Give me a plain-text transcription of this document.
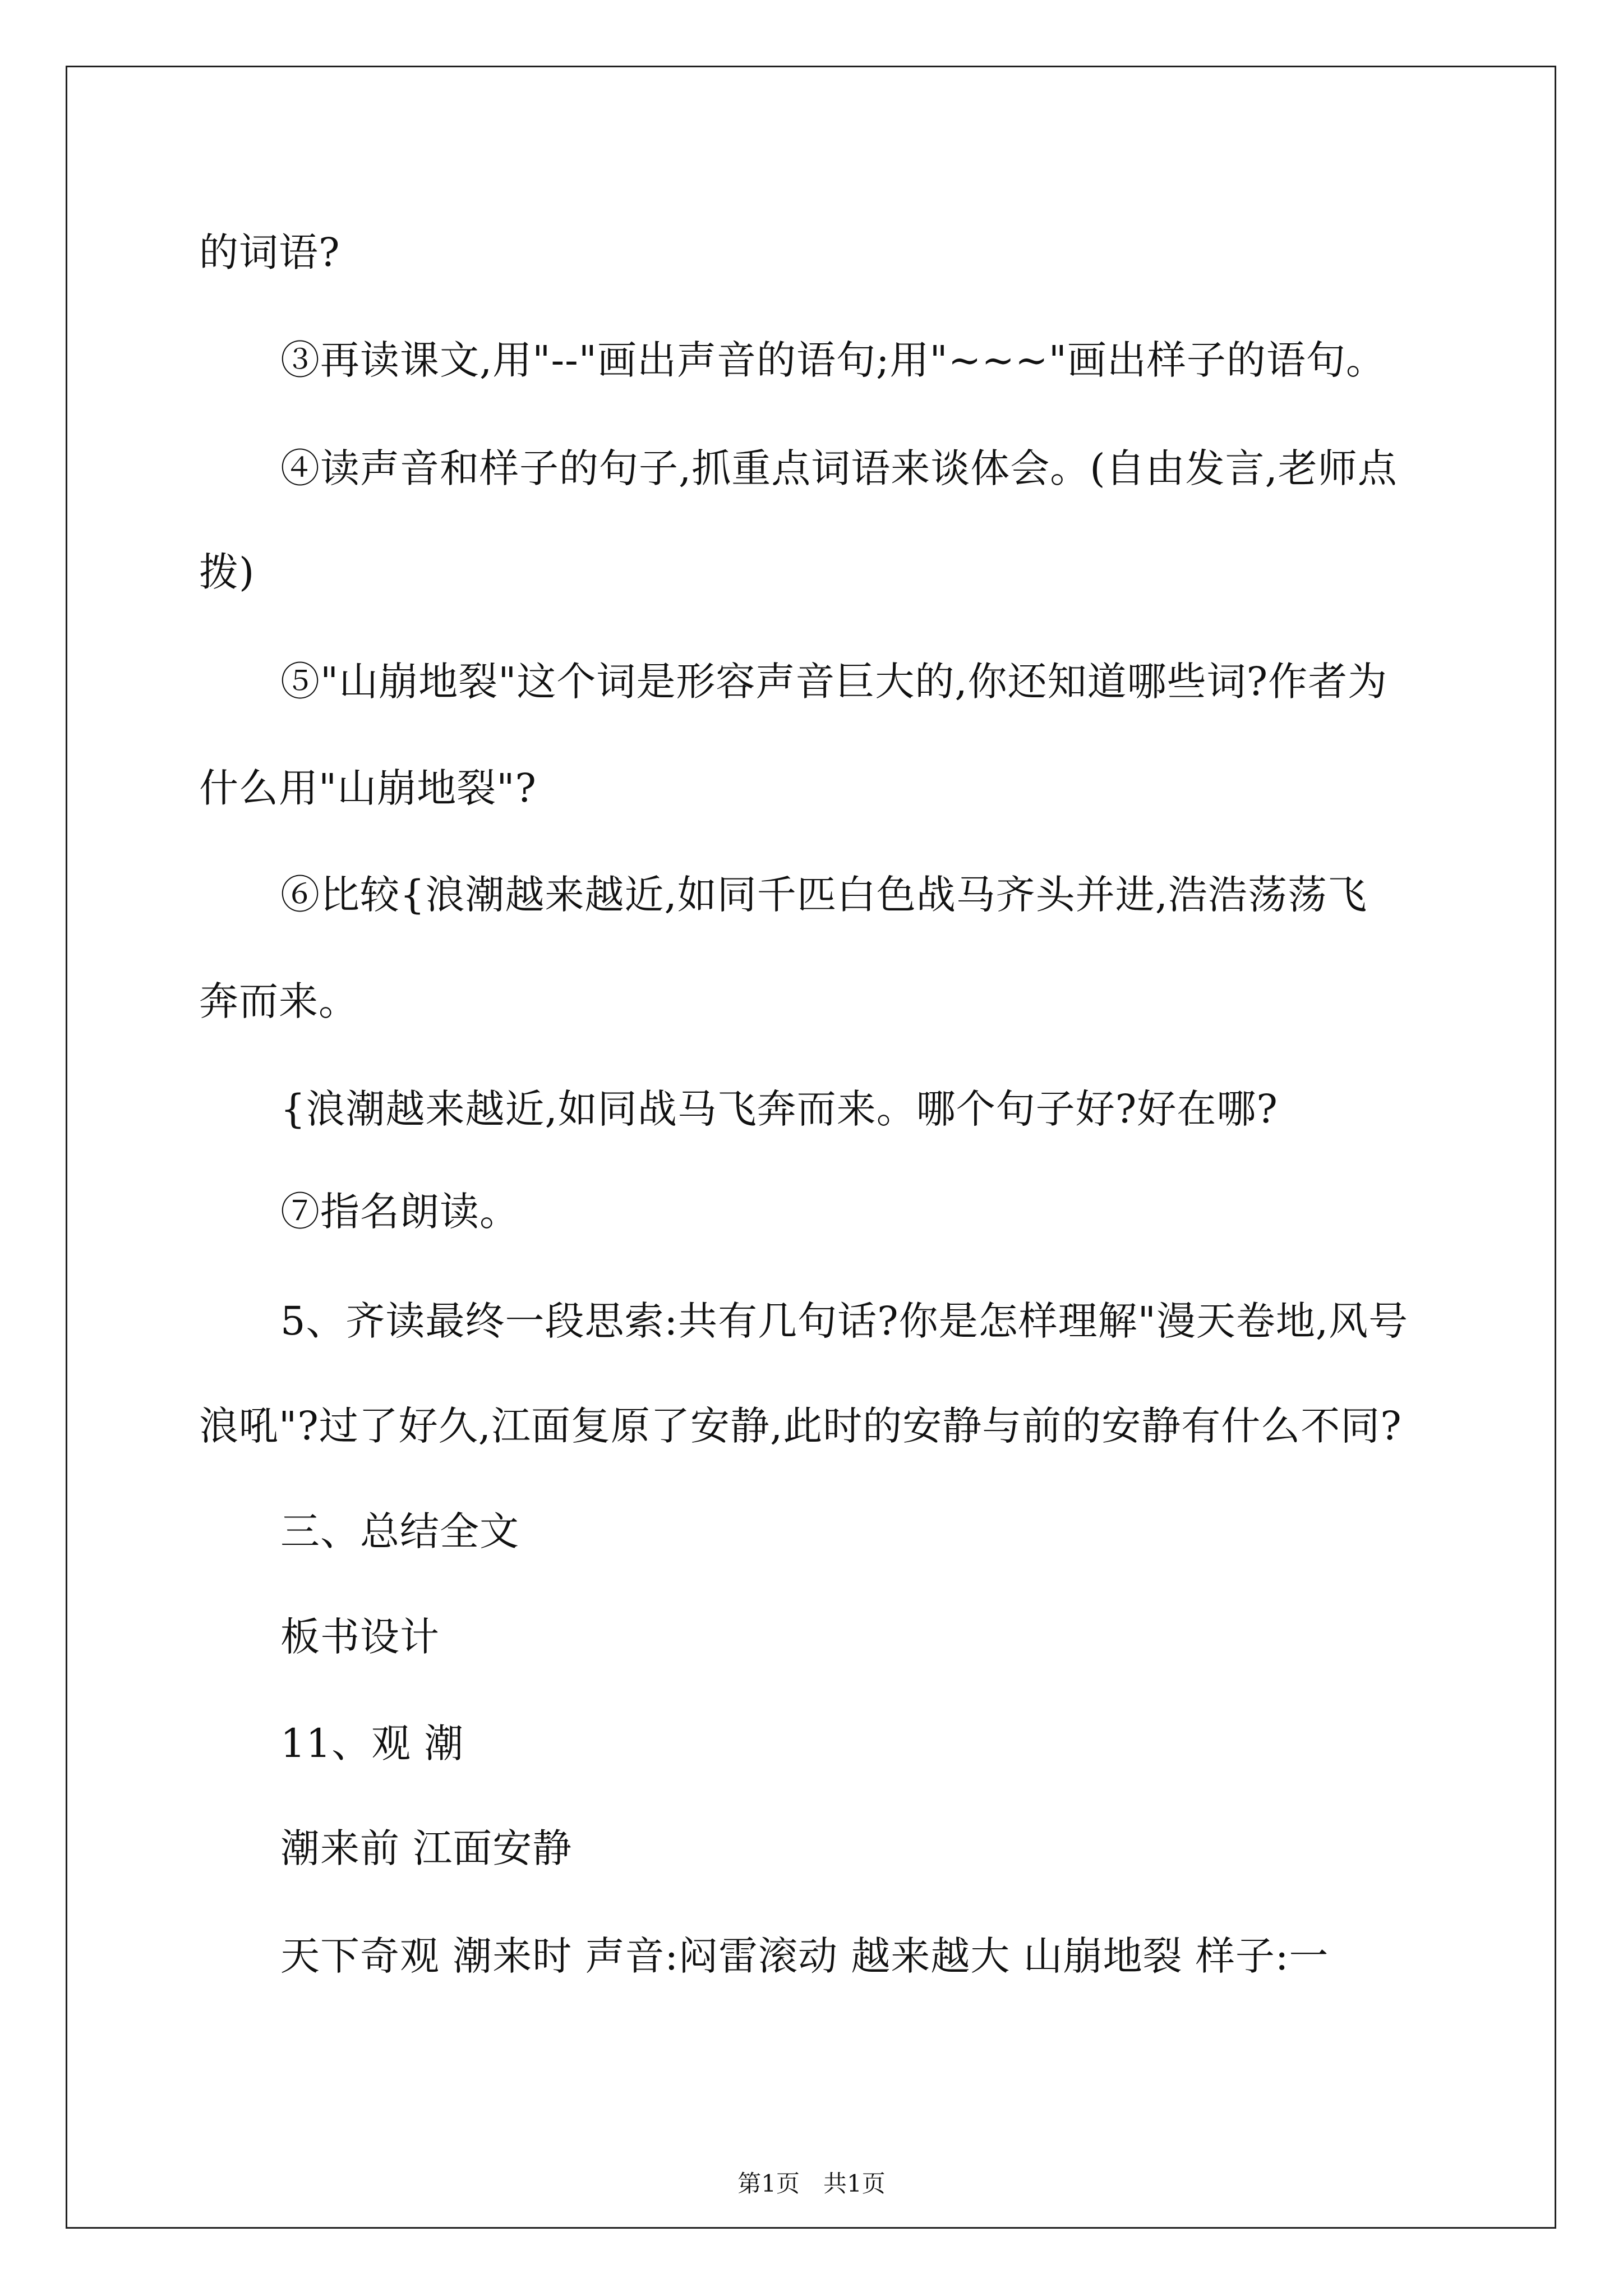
的词语?
③再读课文,用"--"画出声音的语句;用"~~~"画出样子的语句。
④读声音和样子的句子,抓重点词语来谈体会。(自由发言,老师点
拨)
⑤"山崩地裂"这个词是形容声音巨大的,你还知道哪些词?作者为
什么用"山崩地裂"?
⑥比较{浪潮越来越近,如同千匹白色战马齐头并进,浩浩荡荡飞
奔而来。
{浪潮越来越近,如同战马飞奔而来。哪个句子好?好在哪?
⑦指名朗读。
5、齐读最终一段思索:共有几句话?你是怎样理解"漫天卷地,风号
浪吼"?过了好久,江面复原了安静,此时的安静与前的安静有什么不同?
三、总结全文
板书设计
11、观 潮
潮来前 江面安静
天下奇观 潮来时 声音:闷雷滚动 越来越大 山崩地裂 样子:一
第1页　共1页
